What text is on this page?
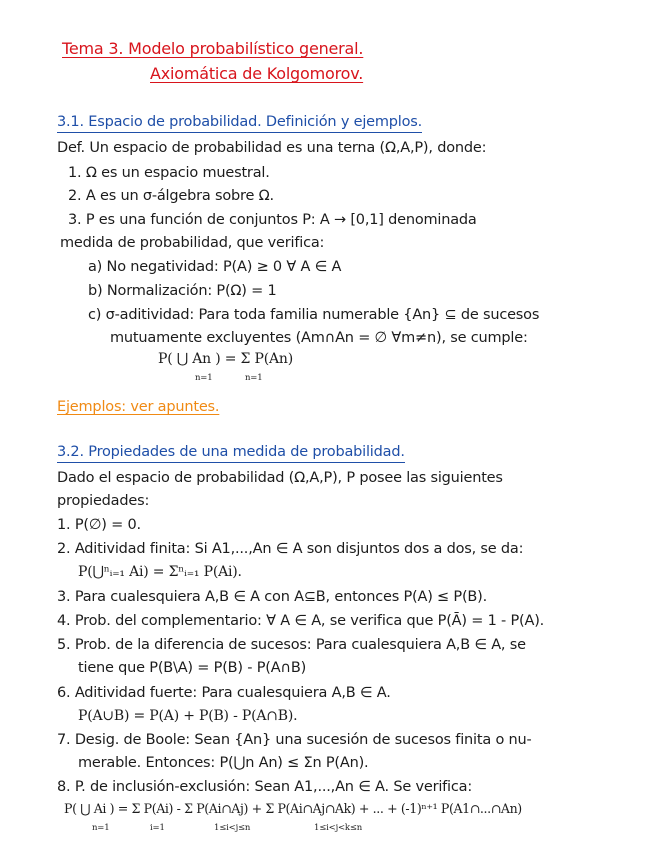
Tema 3. Modelo probabilístico general.
Axiomática de Kolgomorov.
3.1. Espacio de probabilidad. Definición y ejemplos.
Def. Un espacio de probabilidad es una terna (Ω,A,P), donde:
1. Ω es un espacio muestral.
2. A es un σ-álgebra sobre Ω.
3. P es una función de conjuntos P: A → [0,1] denominada
medida de probabilidad, que verifica:
a) No negatividad: P(A) ≥ 0 ∀ A ∈ A
b) Normalización: P(Ω) = 1
c) σ-aditividad: Para toda familia numerable {An} ⊆ de sucesos
mutuamente excluyentes (Am∩An = ∅ ∀m≠n), se cumple:
P( ⋃ An ) = Σ P(An)
n=1	n=1
Ejemplos: ver apuntes.
3.2. Propiedades de una medida de probabilidad.
Dado el espacio de probabilidad (Ω,A,P), P posee las siguientes
propiedades:
1. P(∅) = 0.
2. Aditividad finita: Si A1,...,An ∈ A son disjuntos dos a dos, se da:
P(⋃ⁿᵢ₌₁ Ai) = Σⁿᵢ₌₁ P(Ai).
3. Para cualesquiera A,B ∈ A con A⊆B, entonces P(A) ≤ P(B).
4. Prob. del complementario: ∀ A ∈ A, se verifica que P(Ā) = 1 - P(A).
5. Prob. de la diferencia de sucesos: Para cualesquiera A,B ∈ A, se
tiene que P(B\A) = P(B) - P(A∩B)
6. Aditividad fuerte: Para cualesquiera A,B ∈ A.
P(A∪B) = P(A) + P(B) - P(A∩B).
7. Desig. de Boole: Sean {An} una sucesión de sucesos finita o nu-
merable. Entonces: P(⋃n An) ≤ Σn P(An).
8. P. de inclusión-exclusión: Sean A1,...,An ∈ A. Se verifica:
P( ⋃ Ai ) = Σ P(Ai) - Σ P(Ai∩Aj) + Σ P(Ai∩Aj∩Ak) + ... + (-1)ⁿ⁺¹ P(A1∩...∩An)
n=1	i=1	1≤i<j≤n	1≤i<j<k≤n
